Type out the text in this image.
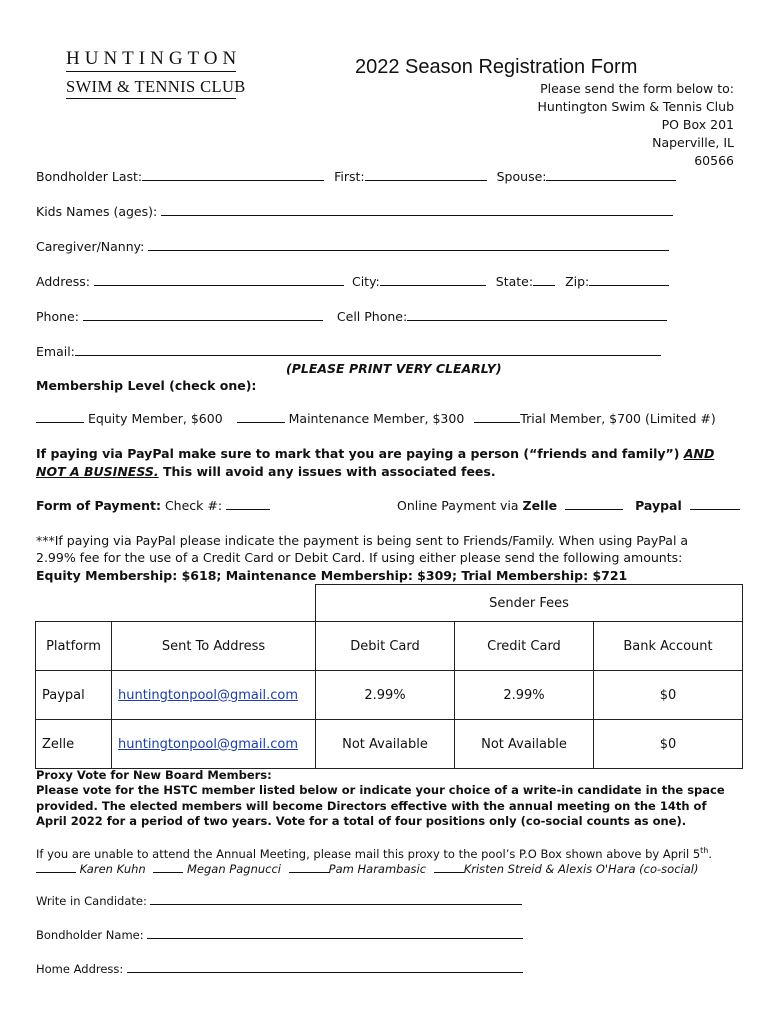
HUNTINGTON
SWIM & TENNIS CLUB
2022 Season Registration Form
Please send the form below to:
Huntington Swim & Tennis Club
PO Box 201
Naperville, IL
60566
Bondholder Last:	First:	Spouse:
Kids Names (ages):
Caregiver/Nanny:
Address:	City:	State:	Zip:
Phone:	Cell Phone:
Email:
(PLEASE PRINT VERY CLEARLY)
Membership Level (check one):
Equity Member, $600	Maintenance Member, $300	Trial Member, $700 (Limited #)
If paying via PayPal make sure to mark that you are paying a person (“friends and family”) AND NOT A BUSINESS. This will avoid any issues with associated fees.
Form of Payment: Check #:	Online Payment via Zelle	Paypal
***If paying via PayPal please indicate the payment is being sent to Friends/Family. When using PayPal a 2.99% fee for the use of a Credit Card or Debit Card. If using either please send the following amounts:
Equity Membership: $618; Maintenance Membership: $309; Trial Membership: $721
		Sender Fees		
Platform	Sent To Address	Debit Card	Credit Card	Bank Account
Paypal	huntingtonpool@gmail.com	2.99%	2.99%	$0
Zelle	huntingtonpool@gmail.com	Not Available	Not Available	$0
Proxy Vote for New Board Members:
Please vote for the HSTC member listed below or indicate your choice of a write-in candidate in the space provided. The elected members will become Directors effective with the annual meeting on the 14th of April 2022 for a period of two years. Vote for a total of four positions only (co-social counts as one).
If you are unable to attend the Annual Meeting, please mail this proxy to the pool’s P.O Box shown above by April 5th.
Karen Kuhn	Megan Pagnucci	Pam Harambasic	Kristen Streid & Alexis O'Hara (co-social)
Write in Candidate:
Bondholder Name:
Home Address:
